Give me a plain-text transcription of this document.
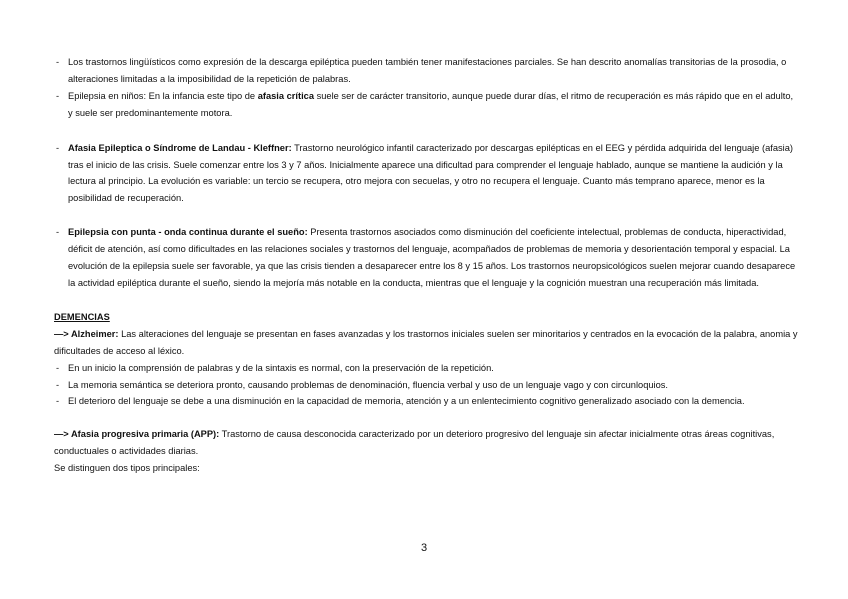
- Los trastornos lingüísticos como expresión de la descarga epiléptica pueden también tener manifestaciones parciales. Se han descrito anomalías transitorias de la prosodia, o alteraciones limitadas a la imposibilidad de la repetición de palabras.

- Epilepsia en niños: En la infancia este tipo de afasia crítica suele ser de carácter transitorio, aunque puede durar días, el ritmo de recuperación es más rápido que en el adulto, y suele ser predominantemente motora.

- Afasia Epileptica o Síndrome de Landau - Kleffner: Trastorno neurológico infantil caracterizado por descargas epilépticas en el EEG y pérdida adquirida del lenguaje (afasia) tras el inicio de las crisis. Suele comenzar entre los 3 y 7 años. Inicialmente aparece una dificultad para comprender el lenguaje hablado, aunque se mantiene la audición y la lectura al principio. La evolución es variable: un tercio se recupera, otro mejora con secuelas, y otro no recupera el lenguaje. Cuanto más temprano aparece, menor es la posibilidad de recuperación.

- Epilepsia con punta - onda continua durante el sueño: Presenta trastornos asociados como disminución del coeficiente intelectual, problemas de conducta, hiperactividad, déficit de atención, así como dificultades en las relaciones sociales y trastornos del lenguaje, acompañados de problemas de memoria y desorientación temporal y espacial. La evolución de la epilepsia suele ser favorable, ya que las crisis tienden a desaparecer entre los 8 y 15 años. Los trastornos neuropsicológicos suelen mejorar cuando desaparece la actividad epiléptica durante el sueño, siendo la mejoría más notable en la conducta, mientras que el lenguaje y la cognición muestran una recuperación más limitada.

DEMENCIAS

—> Alzheimer: Las alteraciones del lenguaje se presentan en fases avanzadas y los trastornos iniciales suelen ser minoritarios y centrados en la evocación de la palabra, anomia y dificultades de acceso al léxico.

- En un inicio la comprensión de palabras y de la sintaxis es normal, con la preservación de la repetición.

- La memoria semántica se deteriora pronto, causando problemas de denominación, fluencia verbal y uso de un lenguaje vago y con circunloquios.

- El deterioro del lenguaje se debe a una disminución en la capacidad de memoria, atención y a un enlentecimiento cognitivo generalizado asociado con la demencia.

—> Afasia progresiva primaria (APP): Trastorno de causa desconocida caracterizado por un deterioro progresivo del lenguaje sin afectar inicialmente otras áreas cognitivas, conductuales o actividades diarias.

Se distinguen dos tipos principales:

3
